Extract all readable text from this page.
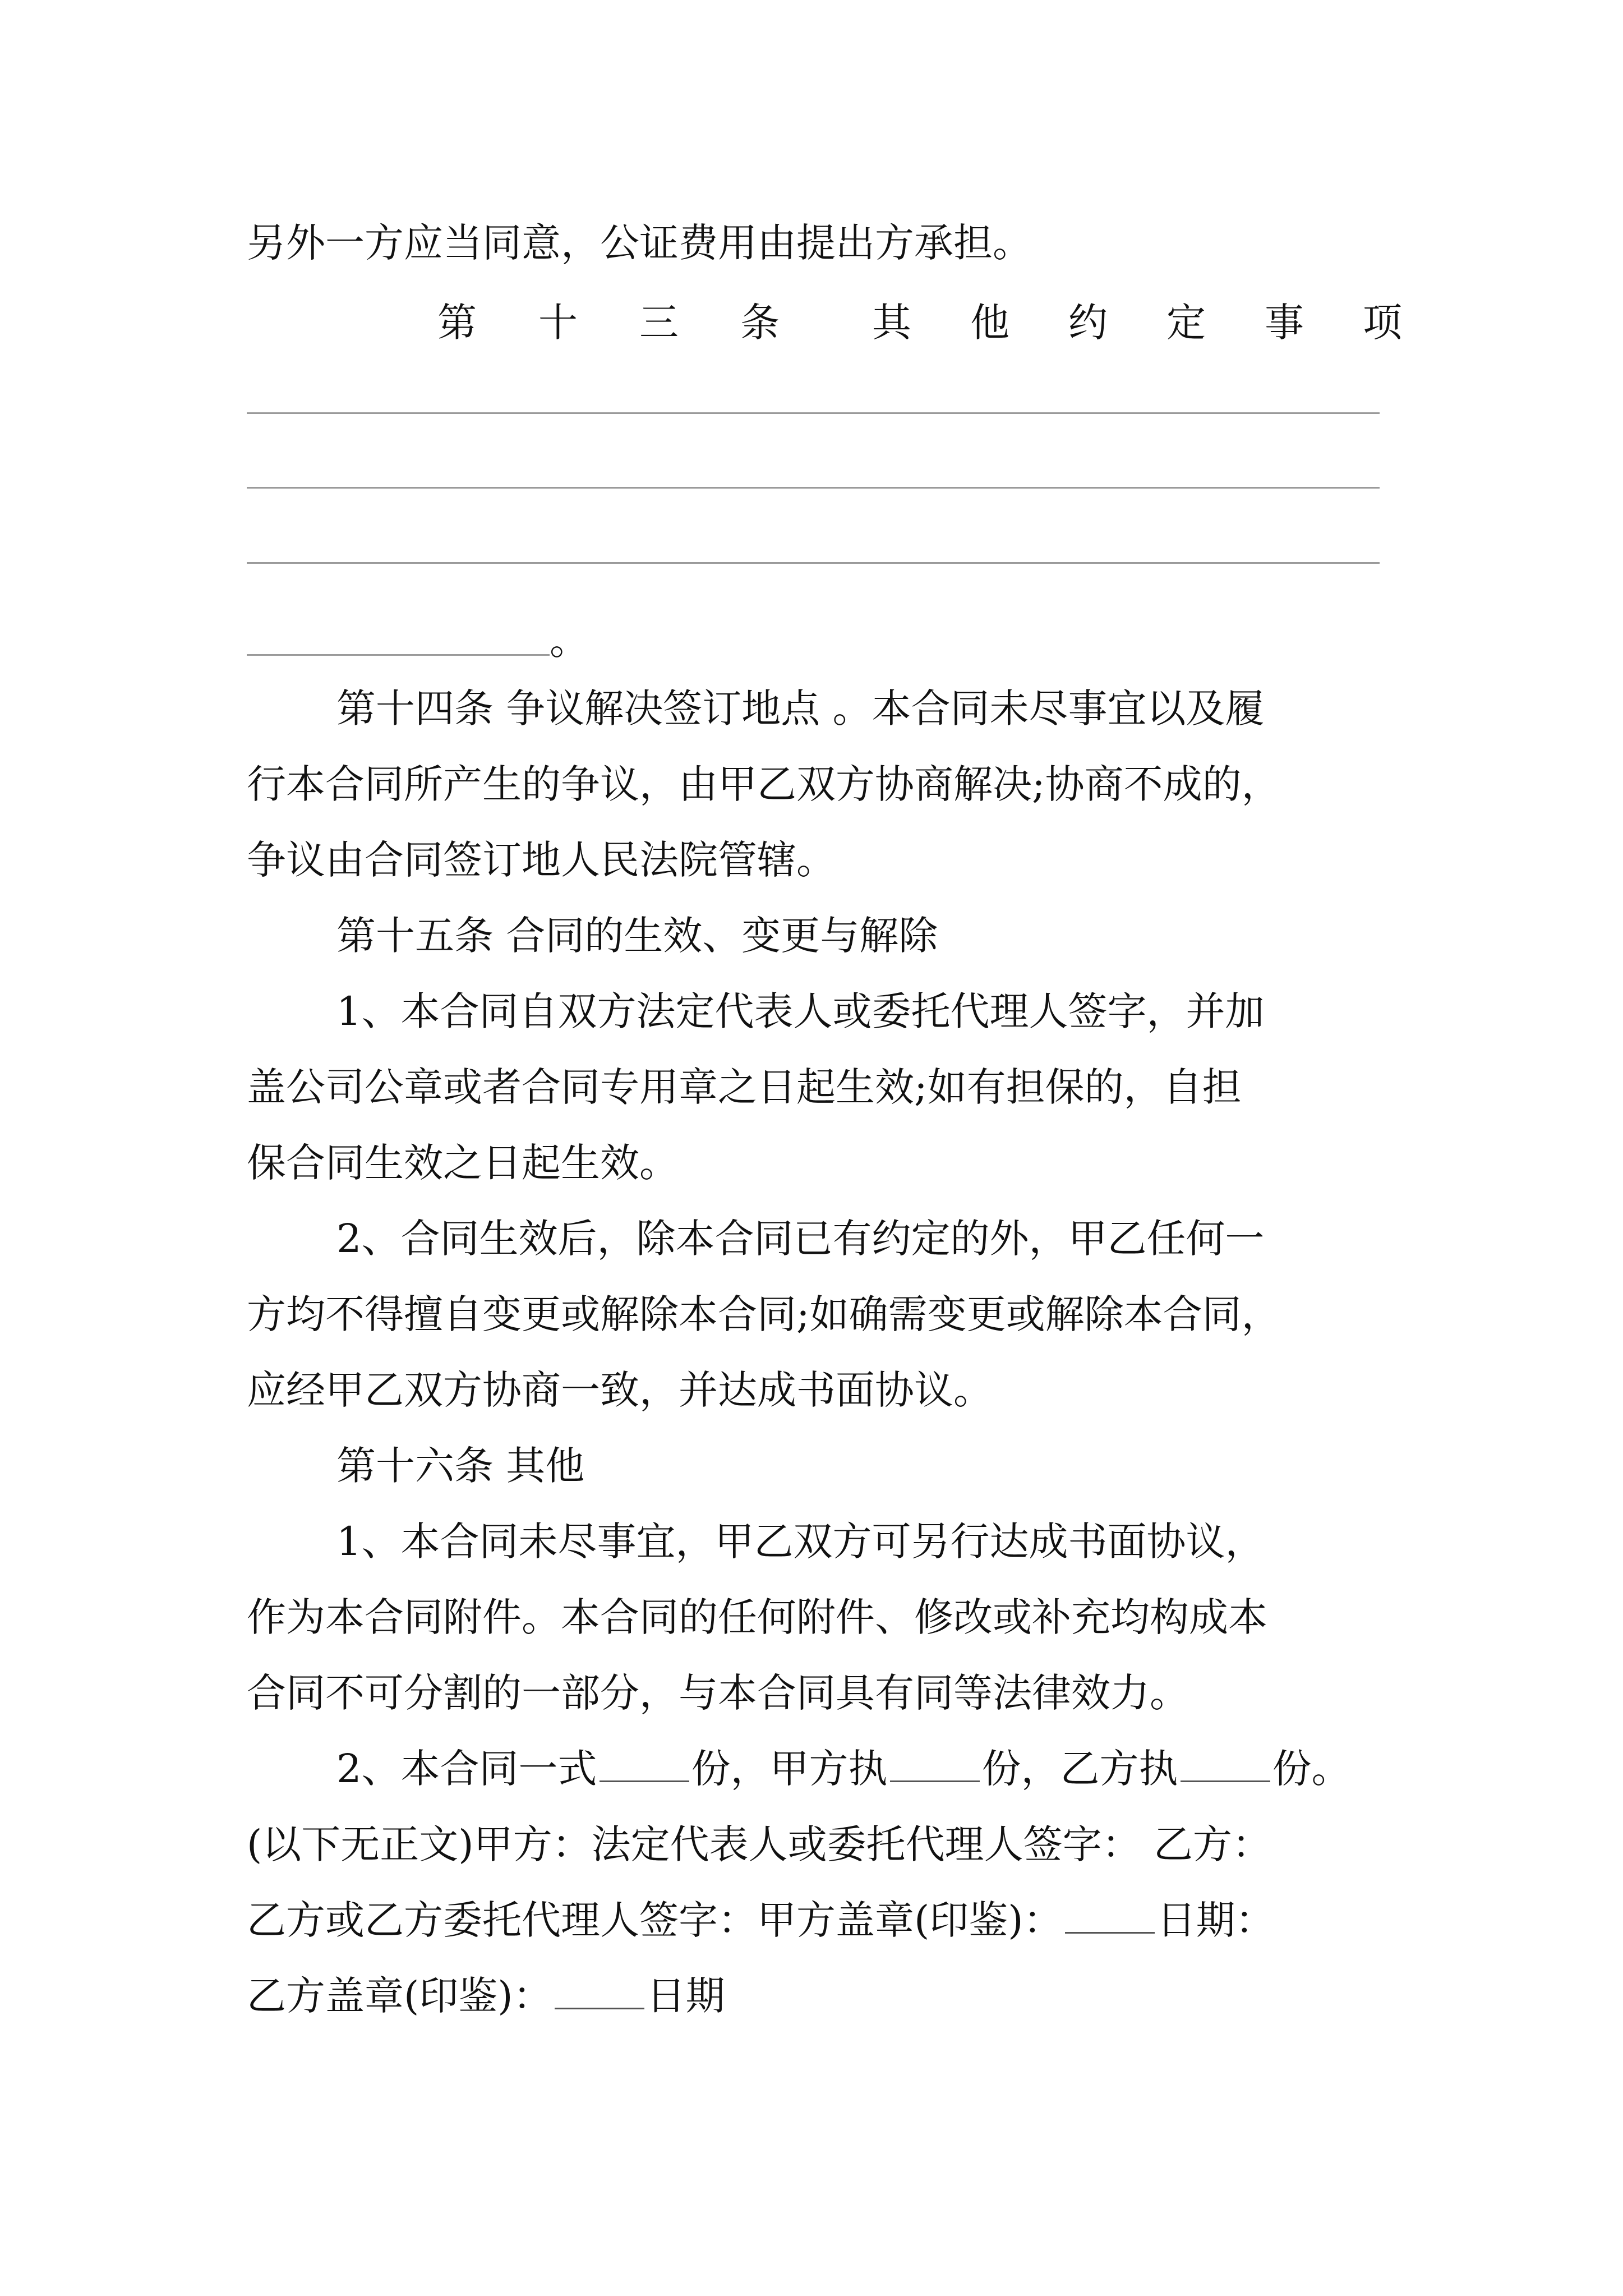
另外一方应当同意，公证费用由提出方承担。
第 十 三 条 其 他 约 定 事 项
。
第十四条 争议解决签订地点 。本合同未尽事宜以及履
行本合同所产生的争议，由甲乙双方协商解决;协商不成的，
争议由合同签订地人民法院管辖。
第十五条 合同的生效、变更与解除
1、本合同自双方法定代表人或委托代理人签字，并加
盖公司公章或者合同专用章之日起生效;如有担保的，自担
保合同生效之日起生效。
2、合同生效后，除本合同已有约定的外，甲乙任何一
方均不得擅自变更或解除本合同;如确需变更或解除本合同，
应经甲乙双方协商一致，并达成书面协议。
第十六条 其他
1、本合同未尽事宜，甲乙双方可另行达成书面协议，
作为本合同附件。本合同的任何附件、修改或补充均构成本
合同不可分割的一部分，与本合同具有同等法律效力。
2、本合同一式 份，甲方执 份，乙方执 份。
(以下无正文)甲方：法定代表人或委托代理人签字： 乙方：
乙方或乙方委托代理人签字：甲方盖章(印鉴)： 日期：
乙方盖章(印鉴)： 日期
